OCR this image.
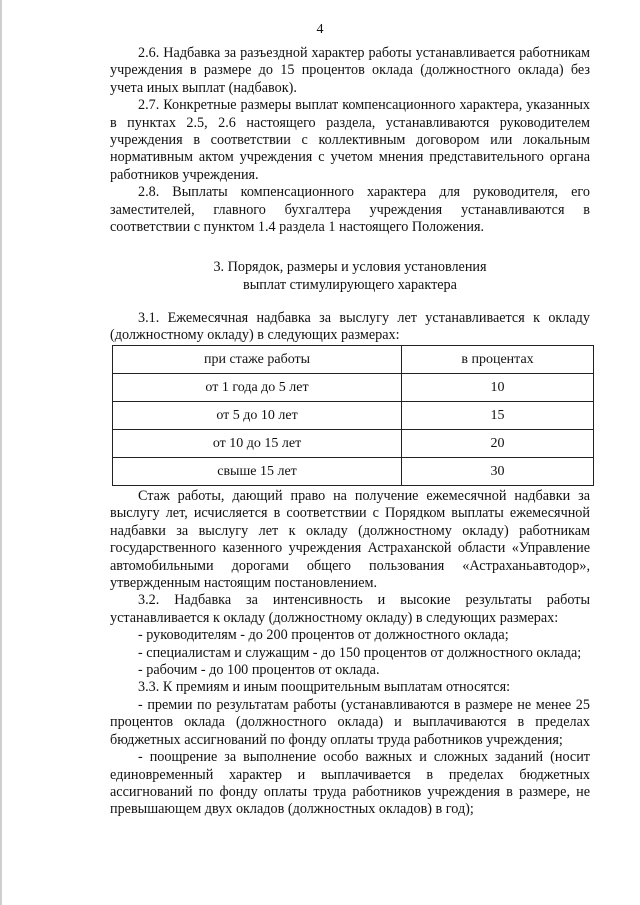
4

2.6. Надбавка за разъездной характер работы устанавливается работникам учреждения в размере до 15 процентов оклада (должностного оклада) без учета иных выплат (надбавок).

2.7. Конкретные размеры выплат компенсационного характера, указанных в пунктах 2.5, 2.6 настоящего раздела, устанавливаются руководителем учреждения в соответствии с коллективным договором или локальным нормативным актом учреждения с учетом мнения представительного органа работников учреждения.

2.8. Выплаты компенсационного характера для руководителя, его заместителей, главного бухгалтера учреждения устанавливаются в соответствии с пунктом 1.4 раздела 1 настоящего Положения.

3. Порядок, размеры и условия установления
выплат стимулирующего характера

3.1. Ежемесячная надбавка за выслугу лет устанавливается к окладу (должностному окладу) в следующих размерах:

при стаже работы	в процентах
от 1 года до 5 лет	10
от 5 до 10 лет	15
от 10 до 15 лет	20
свыше 15 лет	30

Стаж работы, дающий право на получение ежемесячной надбавки за выслугу лет, исчисляется в соответствии с Порядком выплаты ежемесячной надбавки за выслугу лет к окладу (должностному окладу) работникам государственного казенного учреждения Астраханской области «Управление автомобильными дорогами общего пользования «Астраханьавтодор», утвержденным настоящим постановлением.

3.2. Надбавка за интенсивность и высокие результаты работы устанавливается к окладу (должностному окладу) в следующих размерах:

- руководителям - до 200 процентов от должностного оклада;

- специалистам и служащим - до 150 процентов от должностного оклада;

- рабочим - до 100 процентов от оклада.

3.3. К премиям и иным поощрительным выплатам относятся:

- премии по результатам работы (устанавливаются в размере не менее 25 процентов оклада (должностного оклада) и выплачиваются в пределах бюджетных ассигнований по фонду оплаты труда работников учреждения;

- поощрение за выполнение особо важных и сложных заданий (носит единовременный характер и выплачивается в пределах бюджетных ассигнований по фонду оплаты труда работников учреждения в размере, не превышающем двух окладов (должностных окладов) в год);
